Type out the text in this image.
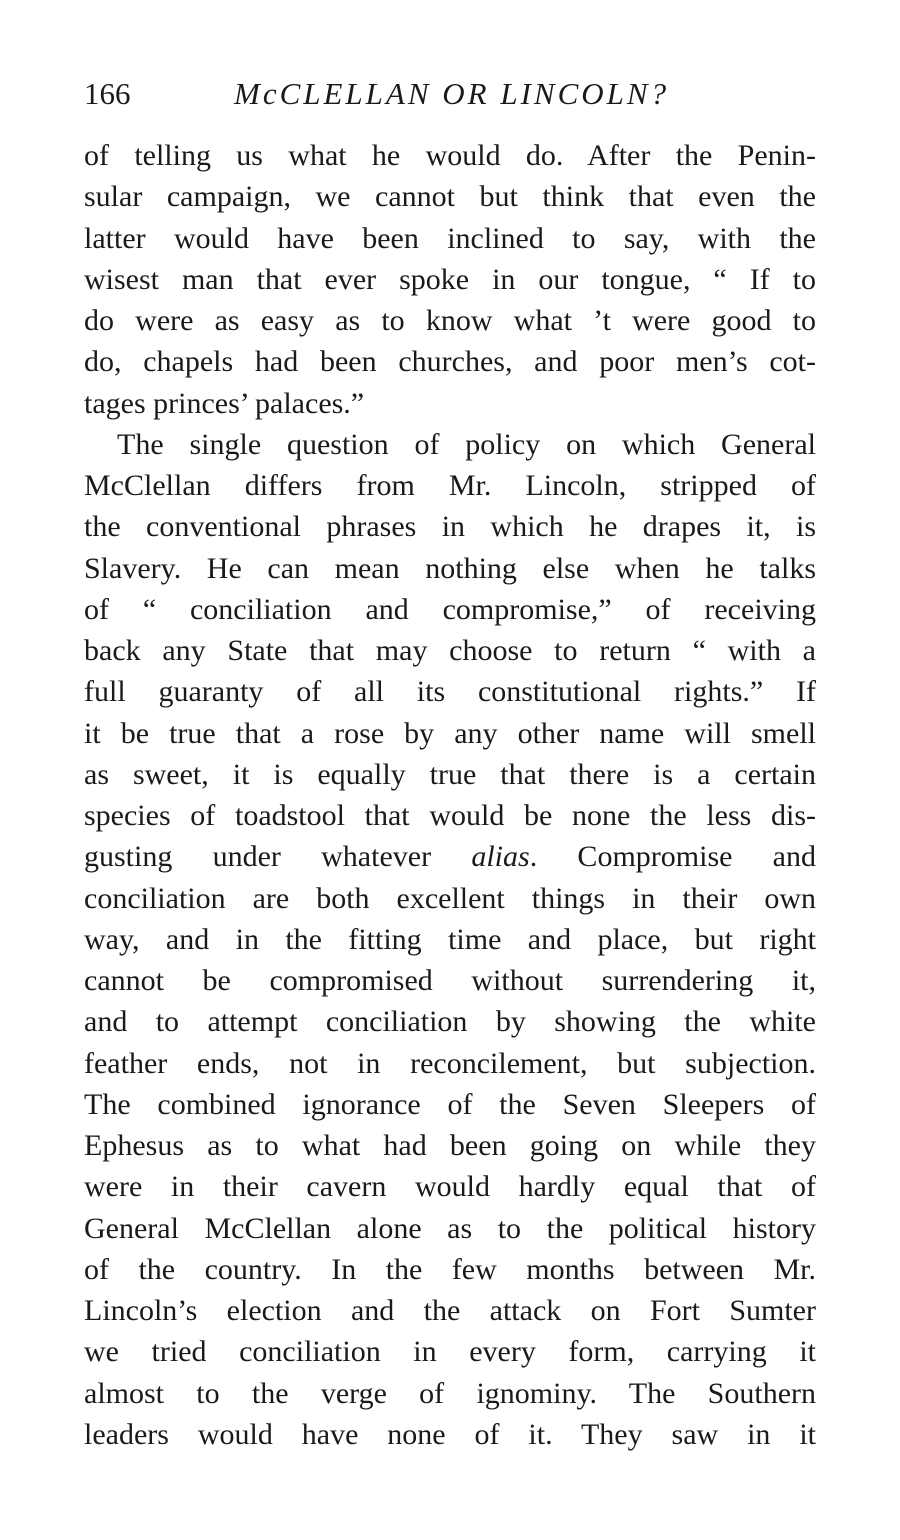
166	McCLELLAN OR LINCOLN?
of telling us what he would do. After the Penin-
sular campaign, we cannot but think that even the
latter would have been inclined to say, with the
wisest man that ever spoke in our tongue, “ If to
do were as easy as to know what ’t were good to
do, chapels had been churches, and poor men’s cot-
tages princes’ palaces.”
The single question of policy on which General
McClellan differs from Mr. Lincoln, stripped of
the conventional phrases in which he drapes it, is
Slavery. He can mean nothing else when he talks
of “ conciliation and compromise,” of receiving
back any State that may choose to return “ with a
full guaranty of all its constitutional rights.” If
it be true that a rose by any other name will smell
as sweet, it is equally true that there is a certain
species of toadstool that would be none the less dis-
gusting under whatever alias. Compromise and
conciliation are both excellent things in their own
way, and in the fitting time and place, but right
cannot be compromised without surrendering it,
and to attempt conciliation by showing the white
feather ends, not in reconcilement, but subjection.
The combined ignorance of the Seven Sleepers of
Ephesus as to what had been going on while they
were in their cavern would hardly equal that of
General McClellan alone as to the political history
of the country. In the few months between Mr.
Lincoln’s election and the attack on Fort Sumter
we tried conciliation in every form, carrying it
almost to the verge of ignominy. The Southern
leaders would have none of it. They saw in it
